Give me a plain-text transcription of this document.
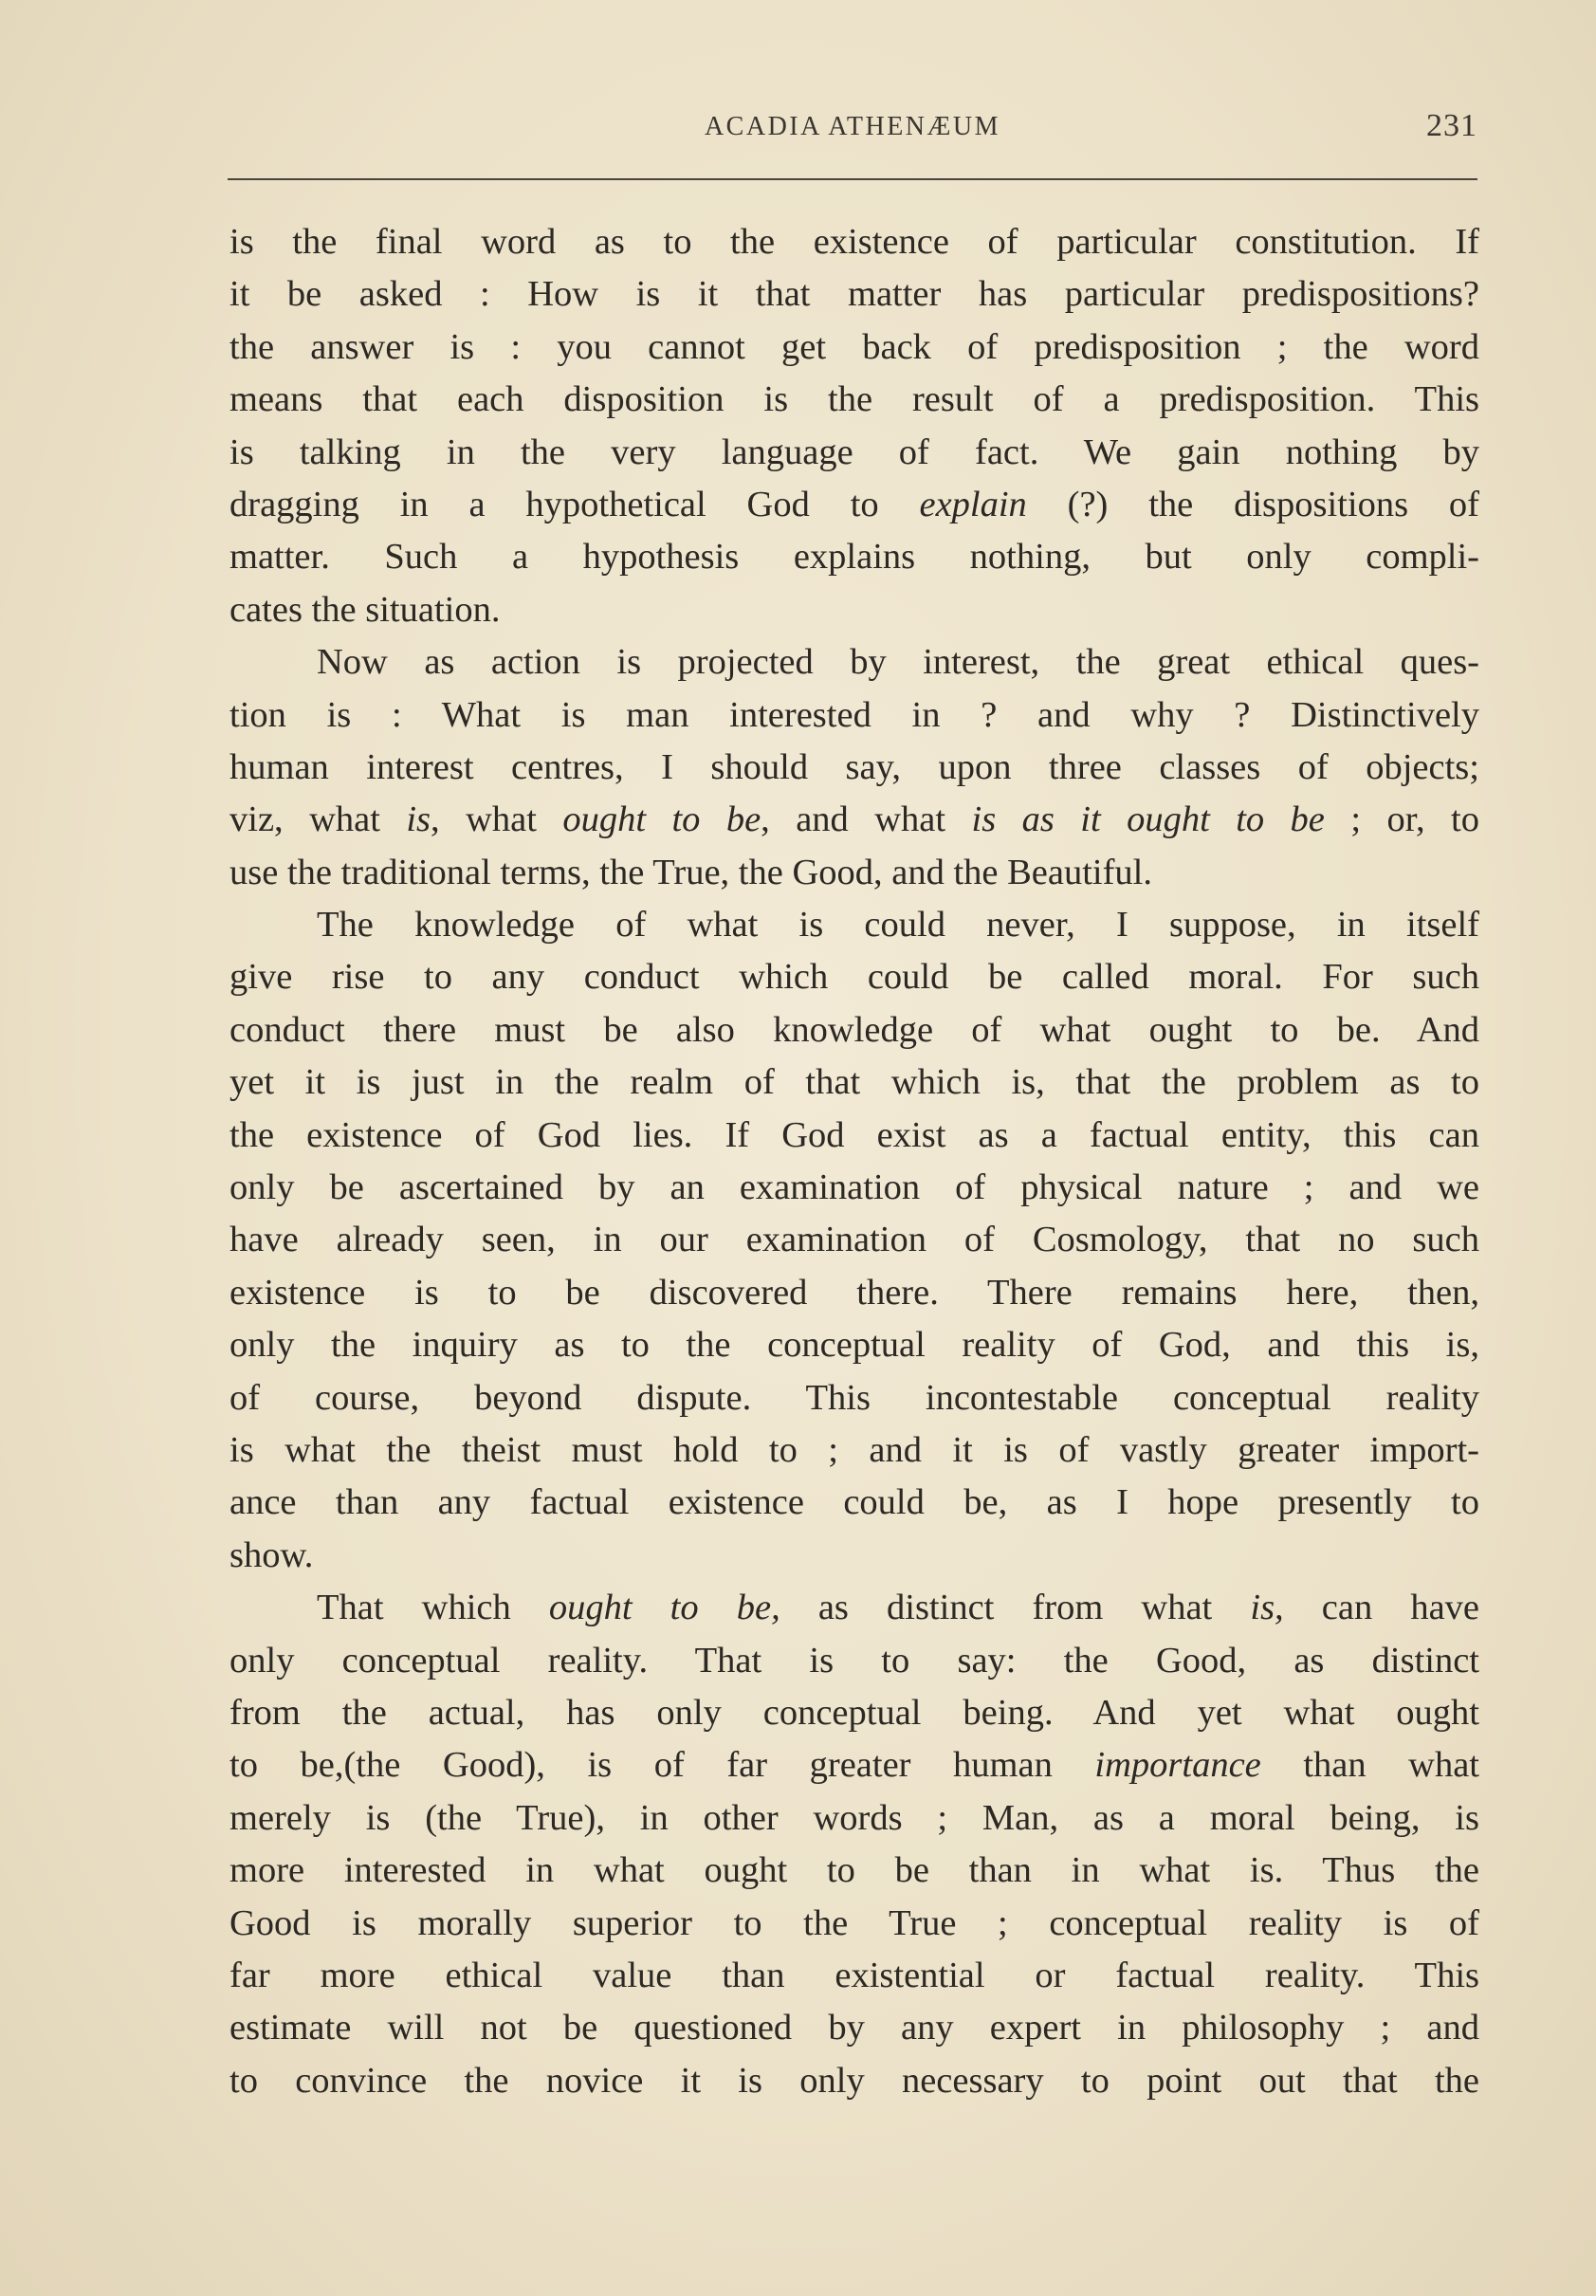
ACADIA ATHENÆUM	231
is the final word as to the existence of particular constitution. If
it be asked : How is it that matter has particular predispositions?
the answer is : you cannot get back of predisposition ; the word
means that each disposition is the result of a predisposition. This
is talking in the very language of fact. We gain nothing by
dragging in a hypothetical God to explain (?) the dispositions of
matter. Such a hypothesis explains nothing, but only compli-
cates the situation.
Now as action is projected by interest, the great ethical ques-
tion is : What is man interested in ? and why ? Distinctively
human interest centres, I should say, upon three classes of objects;
viz, what is, what ought to be, and what is as it ought to be ; or, to
use the traditional terms, the True, the Good, and the Beautiful.
The knowledge of what is could never, I suppose, in itself
give rise to any conduct which could be called moral. For such
conduct there must be also knowledge of what ought to be. And
yet it is just in the realm of that which is, that the problem as to
the existence of God lies. If God exist as a factual entity, this can
only be ascertained by an examination of physical nature ; and we
have already seen, in our examination of Cosmology, that no such
existence is to be discovered there. There remains here, then,
only the inquiry as to the conceptual reality of God, and this is,
of course, beyond dispute. This incontestable conceptual reality
is what the theist must hold to ; and it is of vastly greater import-
ance than any factual existence could be, as I hope presently to
show.
That which ought to be, as distinct from what is, can have
only conceptual reality. That is to say: the Good, as distinct
from the actual, has only conceptual being. And yet what ought
to be,(the Good), is of far greater human importance than what
merely is (the True), in other words ; Man, as a moral being, is
more interested in what ought to be than in what is. Thus the
Good is morally superior to the True ; conceptual reality is of
far more ethical value than existential or factual reality. This
estimate will not be questioned by any expert in philosophy ; and
to convince the novice it is only necessary to point out that the
